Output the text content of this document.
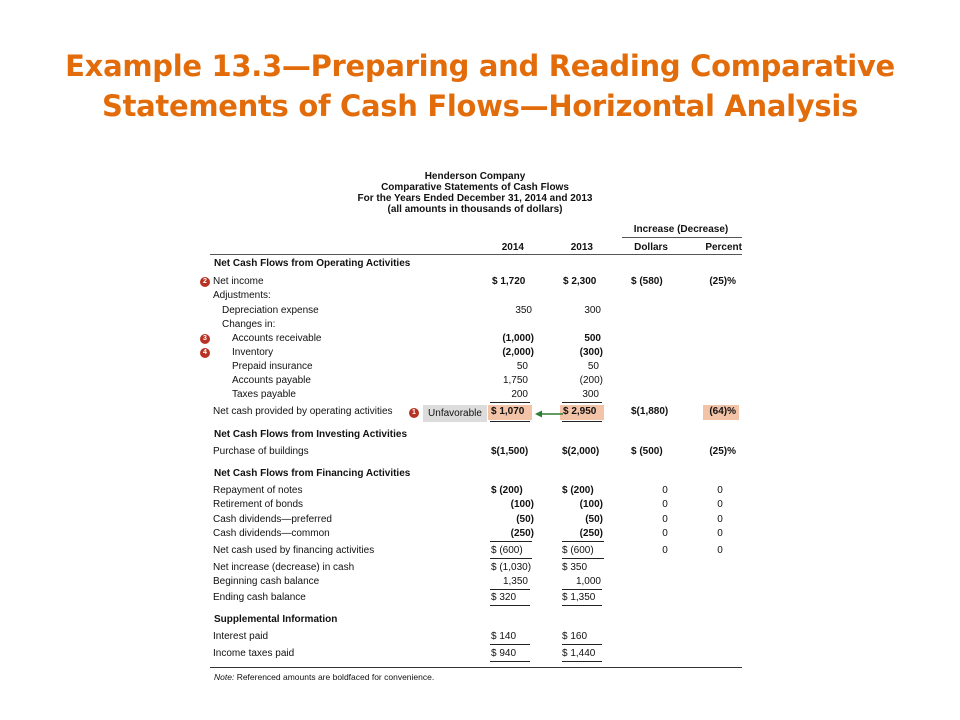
Example 13.3—Preparing and Reading Comparative
Statements of Cash Flows—Horizontal Analysis
Henderson Company
Comparative Statements of Cash Flows
For the Years Ended December 31, 2014 and 2013
(all amounts in thousands of dollars)
Increase (Decrease)
2014	2013	Dollars	Percent
Net Cash Flows from Operating Activities
2 Net income	$ 1,720	$ 2,300	$ (580)	(25)%
Adjustments:
Depreciation expense	350	300
Changes in:
3	Accounts receivable	(1,000)	500
4	Inventory	(2,000)	(300)
Prepaid insurance	50	50
Accounts payable	1,750	(200)
Taxes payable	200	300
Net cash provided by operating activities	1	Unfavorable $ 1,070	$ 2,950	$(1,880)	(64)%
Net Cash Flows from Investing Activities
Purchase of buildings	$(1,500)	$(2,000)	$ (500)	(25)%
Net Cash Flows from Financing Activities
Repayment of notes	$ (200)	$ (200)	0	0
Retirement of bonds	(100)	(100)	0	0
Cash dividends—preferred	(50)	(50)	0	0
Cash dividends—common	(250)	(250)	0	0
Net cash used by financing activities	$ (600)	$ (600)	0	0
Net increase (decrease) in cash	$ (1,030)	$ 350
Beginning cash balance	1,350	1,000
Ending cash balance	$ 320	$ 1,350
Supplemental Information
Interest paid	$ 140	$ 160
Income taxes paid	$ 940	$ 1,440
Note: Referenced amounts are boldfaced for convenience.
